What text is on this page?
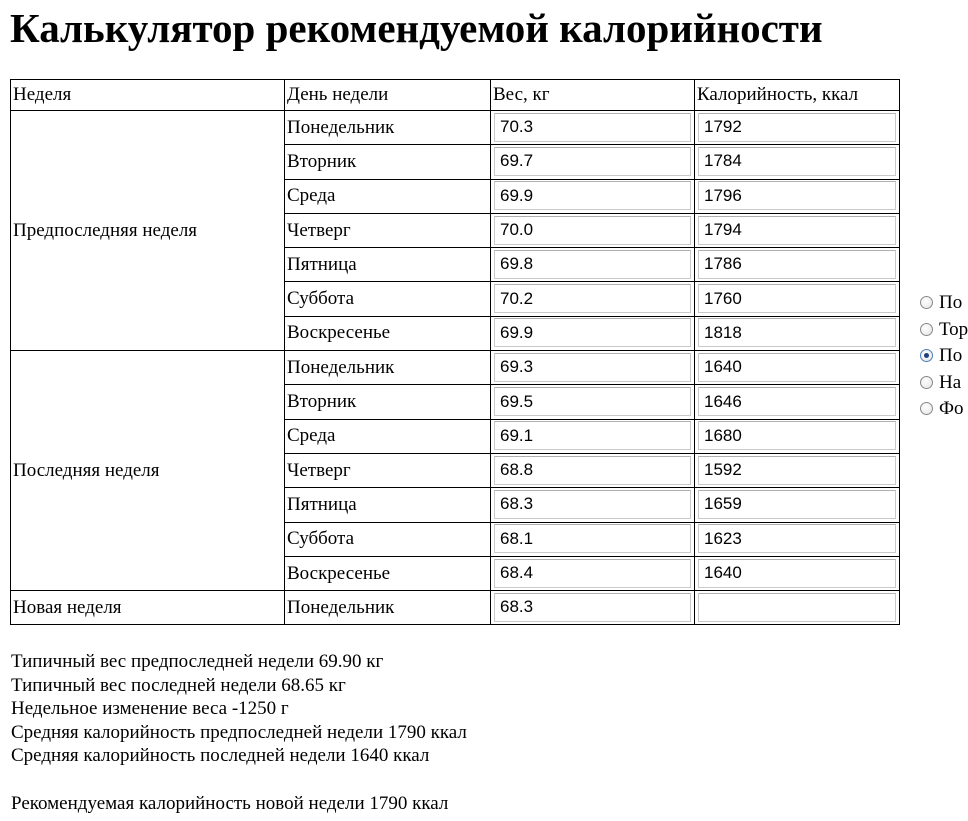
Калькулятор рекомендуемой калорийности
Неделя	День недели	Вес, кг	Калорийность, ккал
Предпоследняя неделя	Понедельник	70.3	1792
	Вторник	69.7	1784
	Среда	69.9	1796
	Четверг	70.0	1794
	Пятница	69.8	1786
	Суббота	70.2	1760
	Воскресенье	69.9	1818
Последняя неделя	Понедельник	69.3	1640
	Вторник	69.5	1646
	Среда	69.1	1680
	Четверг	68.8	1592
	Пятница	68.3	1659
	Суббота	68.1	1623
	Воскресенье	68.4	1640
Новая неделя	Понедельник	68.3	
Типичный вес предпоследней недели 69.90 кг
Типичный вес последней недели 68.65 кг
Недельное изменение веса -1250 г
Средняя калорийность предпоследней недели 1790 ккал
Средняя калорийность последней недели 1640 ккал
Рекомендуемая калорийность новой недели 1790 ккал
По
Тор
По
На
Фо
